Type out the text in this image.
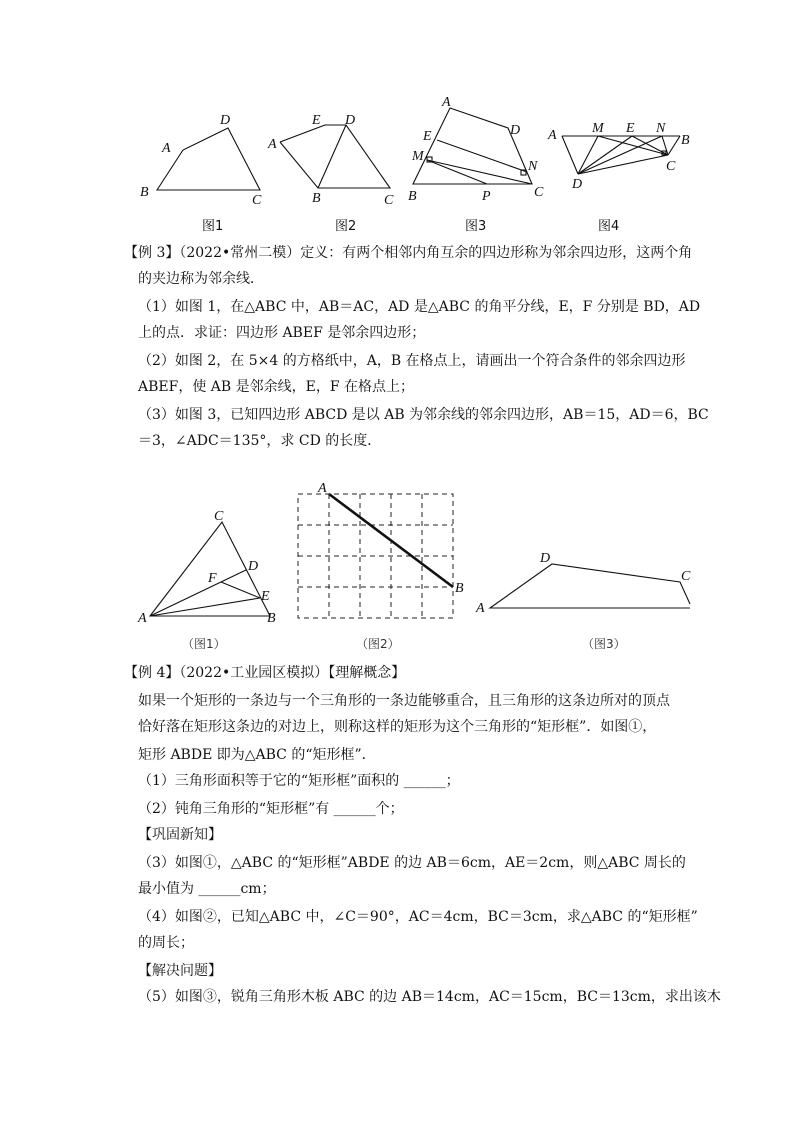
A
D
B
C
图1
E D
A
B	C
图2
A
D
E
M
N
B	P	C
图3
A	M E N
B
C
D
图4
【例 3】（2022•常州二模）定义：有两个相邻内角互余的四边形称为邻余四边形，这两个角
的夹边称为邻余线．
（1）如图 1，在△ABC 中，AB＝AC，AD 是△ABC 的角平分线，E，F 分别是 BD，AD
上的点．求证：四边形 ABEF 是邻余四边形；
（2）如图 2，在 5×4 的方格纸中，A，B 在格点上，请画出一个符合条件的邻余四边形
ABEF，使 AB 是邻余线，E，F 在格点上；
（3）如图 3，已知四边形 ABCD 是以 AB 为邻余线的邻余四边形，AB＝15，AD＝6，BC
＝3，∠ADC＝135°，求 CD 的长度．
C
D
F
E
A	B
（图1）
A
B
（图2）
D
C
A
（图3）
【例 4】（2022•工业园区模拟）【理解概念】
如果一个矩形的一条边与一个三角形的一条边能够重合，且三角形的这条边所对的顶点
恰好落在矩形这条边的对边上，则称这样的矩形为这个三角形的“矩形框”．如图①，
矩形 ABDE 即为△ABC 的“矩形框”．
（1）三角形面积等于它的“矩形框”面积的 ______；
（2）钝角三角形的“矩形框”有 ______个；
【巩固新知】
（3）如图①，△ABC 的“矩形框”ABDE 的边 AB＝6cm，AE＝2cm，则△ABC 周长的
最小值为 ______cm；
（4）如图②，已知△ABC 中，∠C＝90°，AC＝4cm，BC＝3cm，求△ABC 的“矩形框”
的周长；
【解决问题】
（5）如图③，锐角三角形木板 ABC 的边 AB＝14cm，AC＝15cm，BC＝13cm，求出该木
